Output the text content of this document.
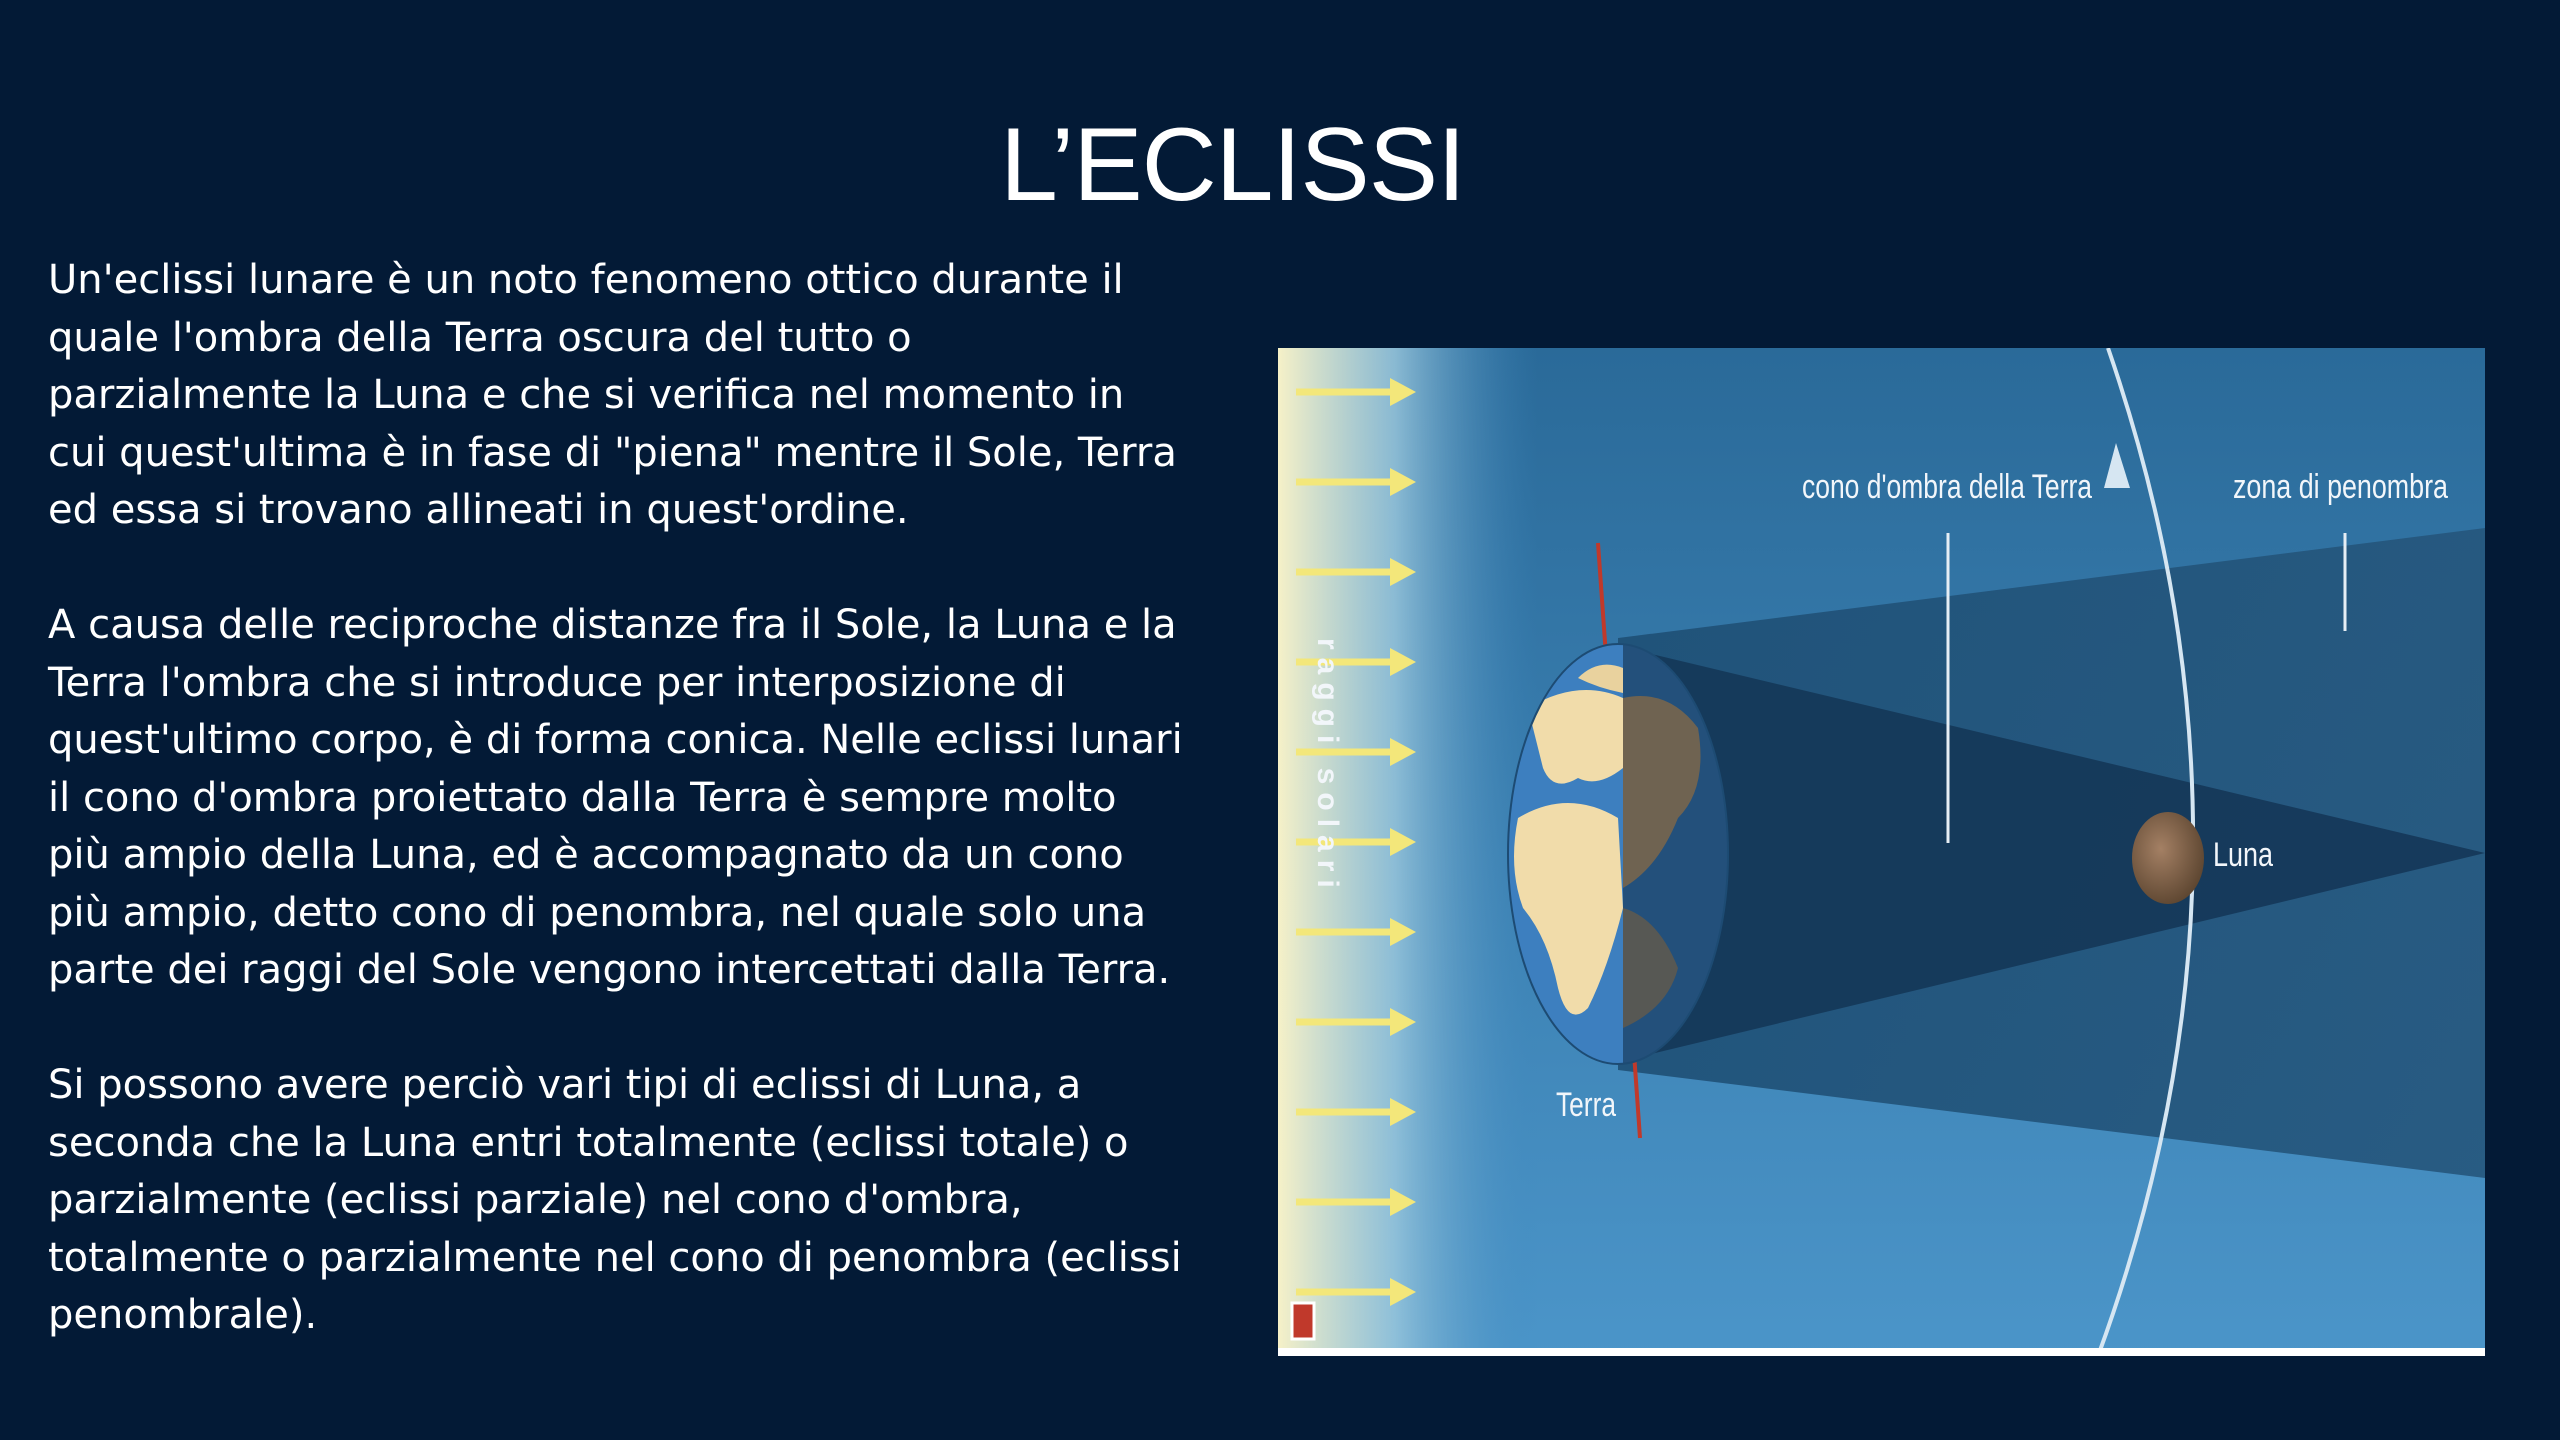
L’ECLISSI

Un'eclissi lunare è un noto fenomeno ottico durante il
quale l'ombra della Terra oscura del tutto o
parzialmente la Luna e che si verifica nel momento in
cui quest'ultima è in fase di "piena" mentre il Sole, Terra
ed essa si trovano allineati in quest'ordine.

A causa delle reciproche distanze fra il Sole, la Luna e la
Terra l'ombra che si introduce per interposizione di
quest'ultimo corpo, è di forma conica. Nelle eclissi lunari
il cono d'ombra proiettato dalla Terra è sempre molto
più ampio della Luna, ed è accompagnato da un cono
più ampio, detto cono di penombra, nel quale solo una
parte dei raggi del Sole vengono intercettati dalla Terra.

Si possono avere perciò vari tipi di eclissi di Luna, a
seconda che la Luna entri totalmente (eclissi totale) o
parzialmente (eclissi parziale) nel cono d'ombra,
totalmente o parzialmente nel cono di penombra (eclissi
penombrale).

raggi solari
cono d'ombra della Terra	zona di penombra
Luna
Terra
